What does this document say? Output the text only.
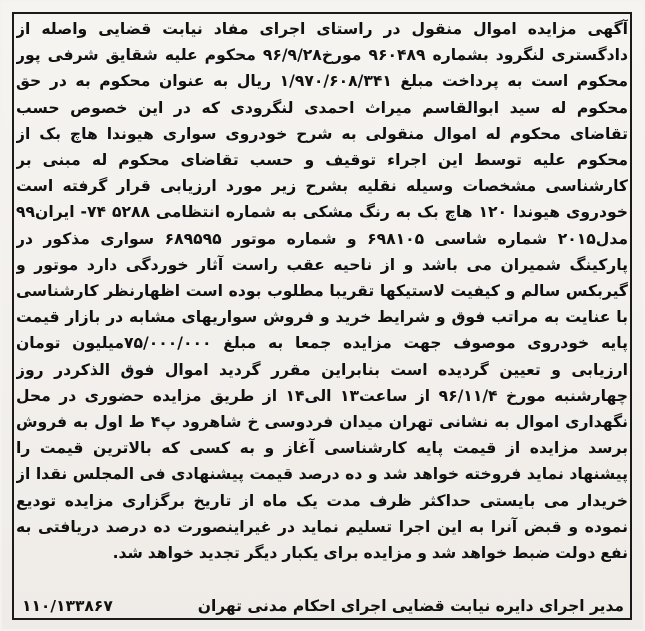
آگهی مزایده اموال منقول در راستای اجرای مفاد نیابت قضایی واصله از دادگستری لنگرود بشماره ۹۶۰۴۸۹ مورخ۹۶/۹/۲۸ محکوم علیه شقایق شرفی پور محکوم است به پرداخت مبلغ ۱/۹۷۰/۶۰۸/۳۴۱ ریال به عنوان محکوم به در حق محکوم له سید ابوالقاسم میراث احمدی لنگرودی که در این خصوص حسب تقاضای محکوم له اموال منقولی به شرح خودروی سواری هیوندا هاچ بک از محکوم علیه توسط این اجراء توقیف و حسب تقاضای محکوم له مبنی بر کارشناسی مشخصات وسیله نقلیه بشرح زیر مورد ارزیابی قرار گرفته است خودروی هیوندا ۱۲۰ هاچ بک به رنگ مشکی به شماره انتظامی ۵۲۸۸ ۷۴- ایران۹۹ مدل۲۰۱۵ شماره شاسی ۶۹۸۱۰۵ و شماره موتور ۶۸۹۵۹۵ سواری مذکور در پارکینگ شمیران می باشد و از ناحیه عقب راست آثار خوردگی دارد موتور و گیربکس سالم و کیفیت لاستیکها تقریبا مطلوب بوده است اظهارنظر کارشناسی با عنایت به مراتب فوق و شرایط خرید و فروش سواریهای مشابه در بازار قیمت پایه خودروی موصوف جهت مزایده جمعا به مبلغ ۷۵/۰۰۰/۰۰۰میلیون تومان ارزیابی و تعیین گردیده است بنابراین مقرر گردید اموال فوق الذکردر روز چهارشنبه مورخ ۹۶/۱۱/۴ از ساعت۱۳ الی۱۴ از طریق مزایده حضوری در محل نگهداری اموال به نشانی تهران میدان فردوسی خ شاهرود پ۴ ط اول به فروش برسد مزایده از قیمت پایه کارشناسی آغاز و به کسی که بالاترین قیمت را پیشنهاد نماید فروخته خواهد شد و ده درصد قیمت پیشنهادی فی المجلس نقدا از خریدار می بایستی حداکثر ظرف مدت یک ماه از تاریخ برگزاری مزایده تودیع نموده و قبض آنرا به این اجرا تسلیم نماید در غیراینصورت ده درصد دریافتی به نفع دولت ضبط خواهد شد و مزایده برای یکبار دیگر تجدید خواهد شد.

مدیر اجرای دایره نیابت قضایی اجرای احکام مدنی تهران
۱۱۰/۱۳۳۸۶۷
